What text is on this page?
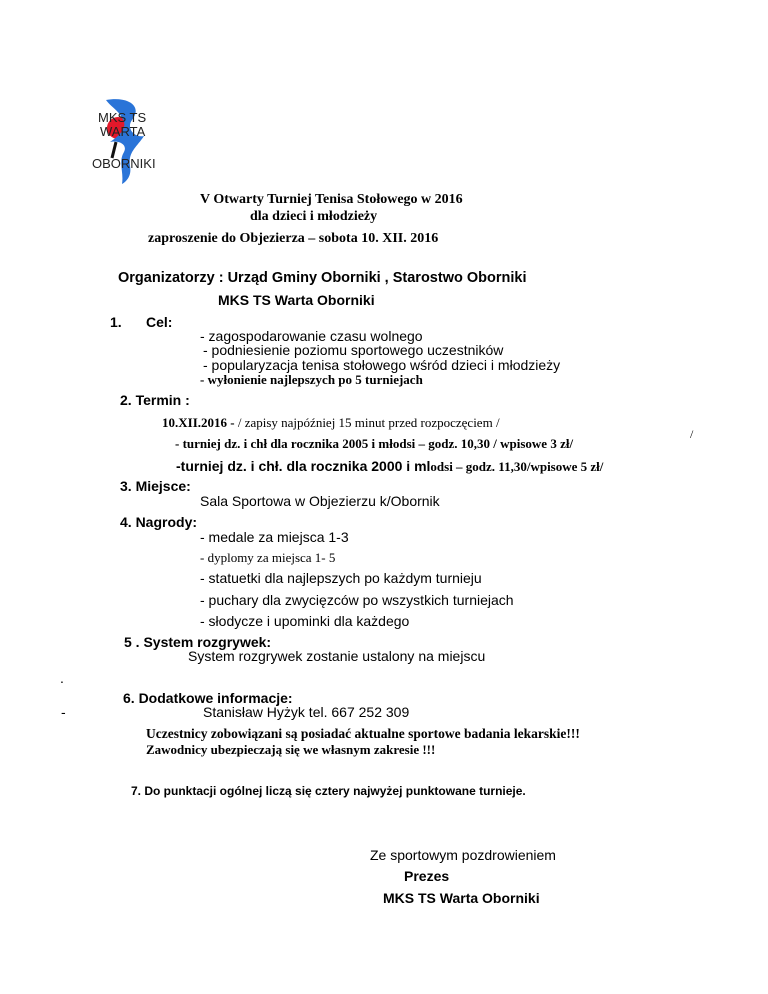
MKS TS
WARTA
OBORNIKI
V Otwarty Turniej Tenisa Stołowego w 2016
dla dzieci i młodzieży
zaproszenie do Objezierza – sobota 10. XII. 2016
Organizatorzy : Urząd Gminy Oborniki , Starostwo Oborniki
MKS TS Warta Oborniki
1. Cel:
- zagospodarowanie czasu wolnego
- podniesienie poziomu sportowego uczestników
- popularyzacja tenisa stołowego wśród dzieci i młodzieży
- wyłonienie najlepszych po 5 turniejach
2. Termin :
10.XII.2016 - / zapisy najpóźniej 15 minut przed rozpoczęciem /
/
- turniej dz. i chł dla rocznika 2005 i młodsi – godz. 10,30 / wpisowe 3 zł/
-turniej dz. i chł. dla rocznika 2000 i mlodsi – godz. 11,30/wpisowe 5 zł/
3. Miejsce:
Sala Sportowa w Objezierzu k/Obornik
4. Nagrody:
- medale za miejsca 1-3
- dyplomy za miejsca 1- 5
- statuetki dla najlepszych po każdym turnieju
- puchary dla zwycięzców po wszystkich turniejach
- słodycze i upominki dla każdego
5 . System rozgrywek:
System rozgrywek zostanie ustalony na miejscu
.
6. Dodatkowe informacje:
-	Stanisław Hyżyk tel. 667 252 309
Uczestnicy zobowiązani są posiadać aktualne sportowe badania lekarskie!!!
Zawodnicy ubezpieczają się we własnym zakresie !!!
7. Do punktacji ogólnej liczą się cztery najwyżej punktowane turnieje.
Ze sportowym pozdrowieniem
Prezes
MKS TS Warta Oborniki
